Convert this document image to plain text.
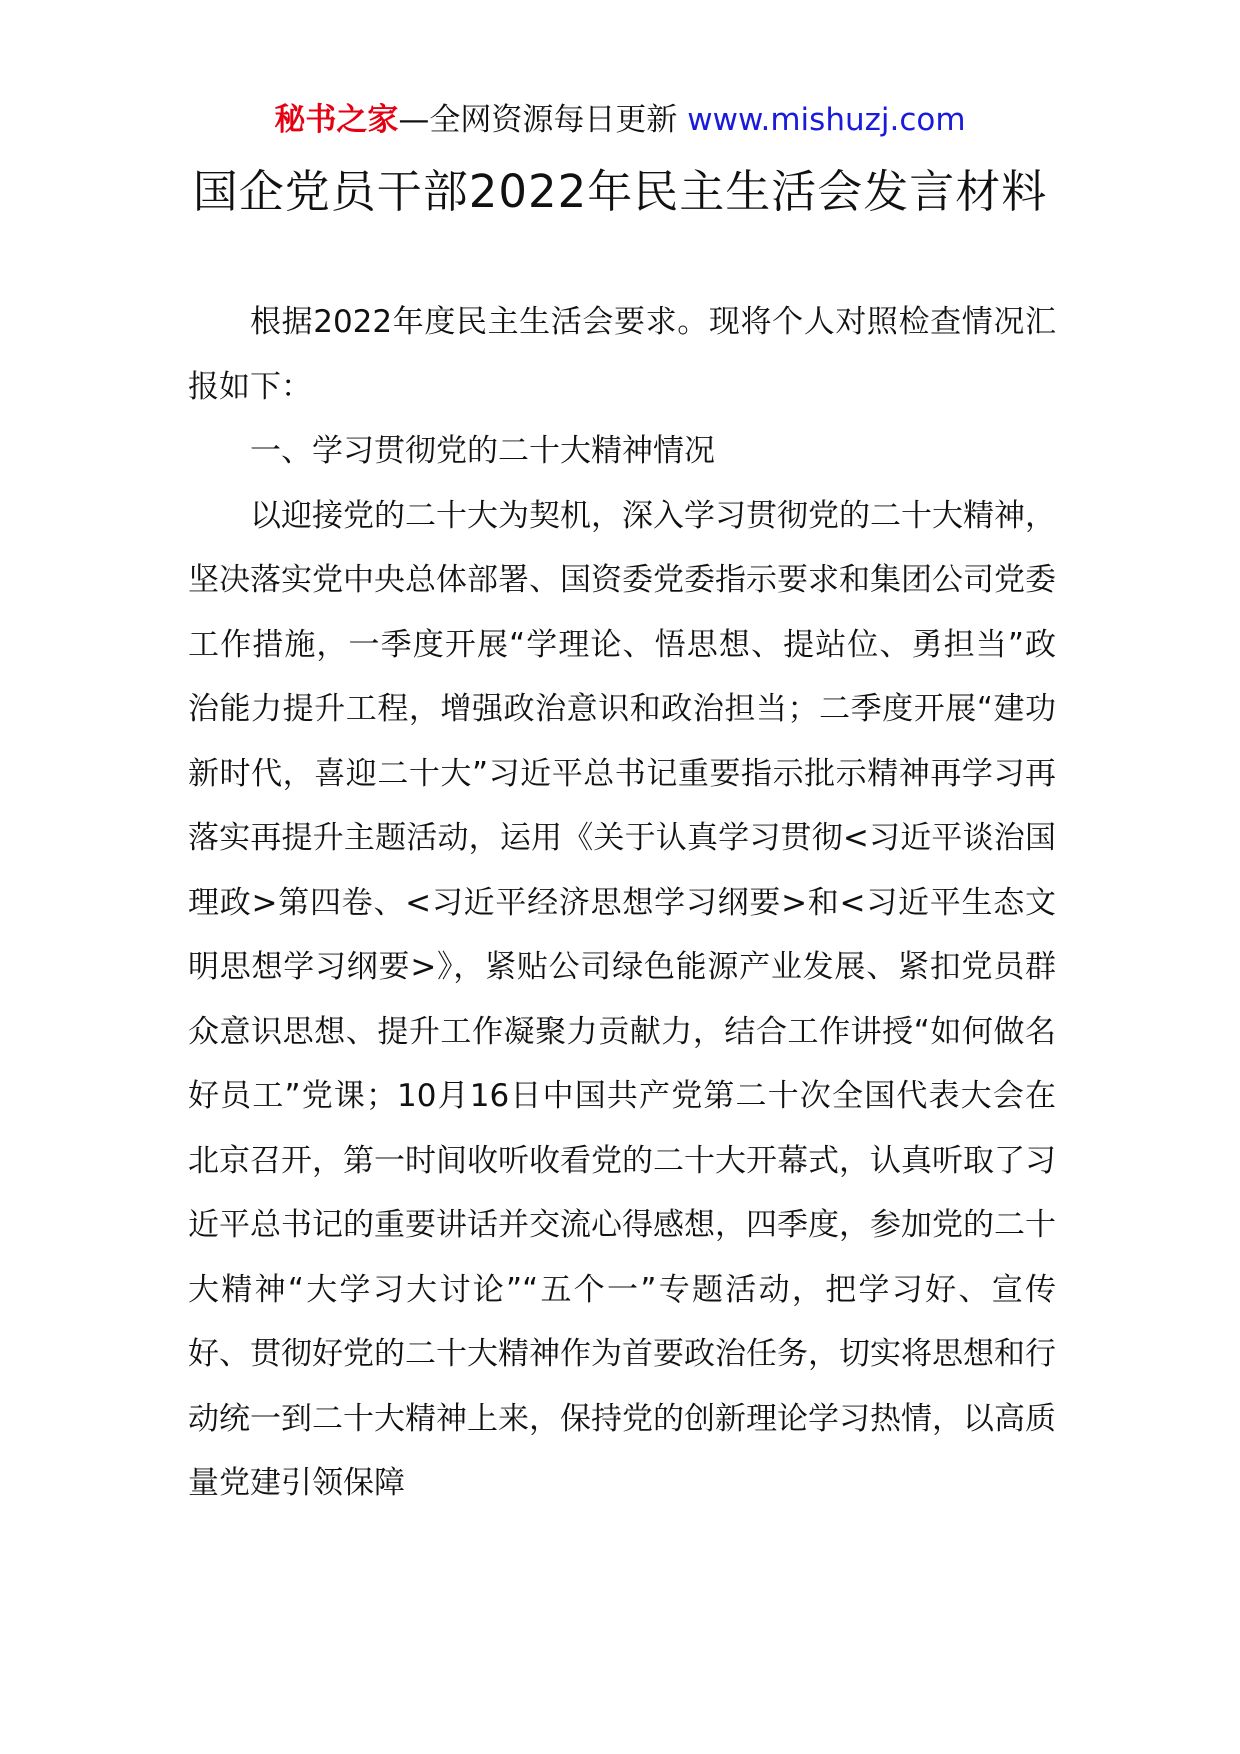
秘书之家—全网资源每日更新 www.mishuzj.com
国企党员干部2022年民主生活会发言材料

根据2022年度民主生活会要求。现将个人对照检查情况汇报如下：

一、学习贯彻党的二十大精神情况

以迎接党的二十大为契机，深入学习贯彻党的二十大精神，坚决落实党中央总体部署、国资委党委指示要求和集团公司党委工作措施，一季度开展“学理论、悟思想、提站位、勇担当”政治能力提升工程，增强政治意识和政治担当；二季度开展“建功新时代，喜迎二十大”习近平总书记重要指示批示精神再学习再落实再提升主题活动，运用《关于认真学习贯彻<习近平谈治国理政>第四卷、<习近平经济思想学习纲要>和<习近平生态文明思想学习纲要>》，紧贴公司绿色能源产业发展、紧扣党员群众意识思想、提升工作凝聚力贡献力，结合工作讲授“如何做名好员工”党课；10月16日中国共产党第二十次全国代表大会在北京召开，第一时间收听收看党的二十大开幕式，认真听取了习近平总书记的重要讲话并交流心得感想，四季度，参加党的二十大精神“大学习大讨论”“五个一”专题活动，把学习好、宣传好、贯彻好党的二十大精神作为首要政治任务，切实将思想和行动统一到二十大精神上来，保持党的创新理论学习热情，以高质量党建引领保障
